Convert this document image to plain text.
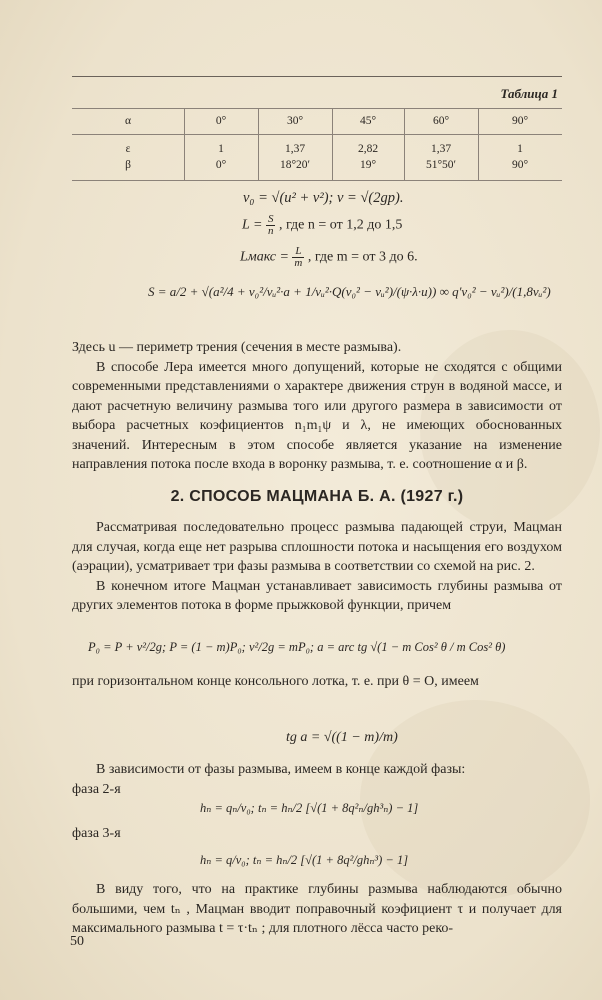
Таблица 1
α	0°	30°	45°	60°	90°
ε	1	1,37	2,82	1,37	1
β	0°	18°20′	19°	51°50′	90°
v₀ = √(u² + v²); v = √(2gp).
$L = \frac{S}{n}$ , где n = от 1,2 до 1,5
Lмакс = $\frac{L}{m}$ , где m = от 3 до 6.
S = a/2 + √(a²/4 + v₀²/vᵤ²·a + 1/vᵤ²·Q(v₀² − vᵤ²)/(ψ·λ·u)) ∞ q′v₀² − vᵤ²)/(1,8vᵤ²)

Здесь u — периметр трения (сечения в месте размыва).

В способе Лера имеется много допущений, которые не сходятся с общими современными представлениями о характере движения струн в водяной массе, и дают расчетную величину размыва того или другого размера в зависимости от выбора расчетных коэфициентов n₁m₁ψ и λ, не имеющих обоснованных значений. Интересным в этом способе является указание на изменение направления потока после входа в воронку размыва, т. е. соотношение α и β.

2. СПОСОБ МАЦМАНА Б. А. (1927 г.)

Рассматривая последовательно процесс размыва падающей струи, Мацман для случая, когда еще нет разрыва сплошности потока и насыщения его воздухом (аэрации), усматривает три фазы размыва в соответствии со схемой на рис. 2.

В конечном итоге Мацман устанавливает зависимость глубины размыва от других элементов потока в форме прыжковой функции, причем

P₀ = P + v²/2g; P = (1 − m)P₀; v²/2g = mP₀; a = arc tg √(1 − m Cos² θ / m Cos² θ)

при горизонтальном конце консольного лотка, т. е. при θ = O, имеем

tg a = √((1 − m)/m)

В зависимости от фазы размыва, имеем в конце каждой фазы:

фаза 2-я

hₙ = qₙ/v₀; tₙ = hₙ/2 [√(1 + 8q²ₙ/gh³ₙ) − 1]
фаза 3-я
hₙ = q/v₀; tₙ = hₙ/2 [√(1 + 8q²/ghₙ³) − 1]

В виду того, что на практике глубины размыва наблюдаются обычно большими, чем tₙ , Мацман вводит поправочный коэфициент τ и получает для максимального размыва t = τ·tₙ ; для плотного лёсса часто реко-

50
